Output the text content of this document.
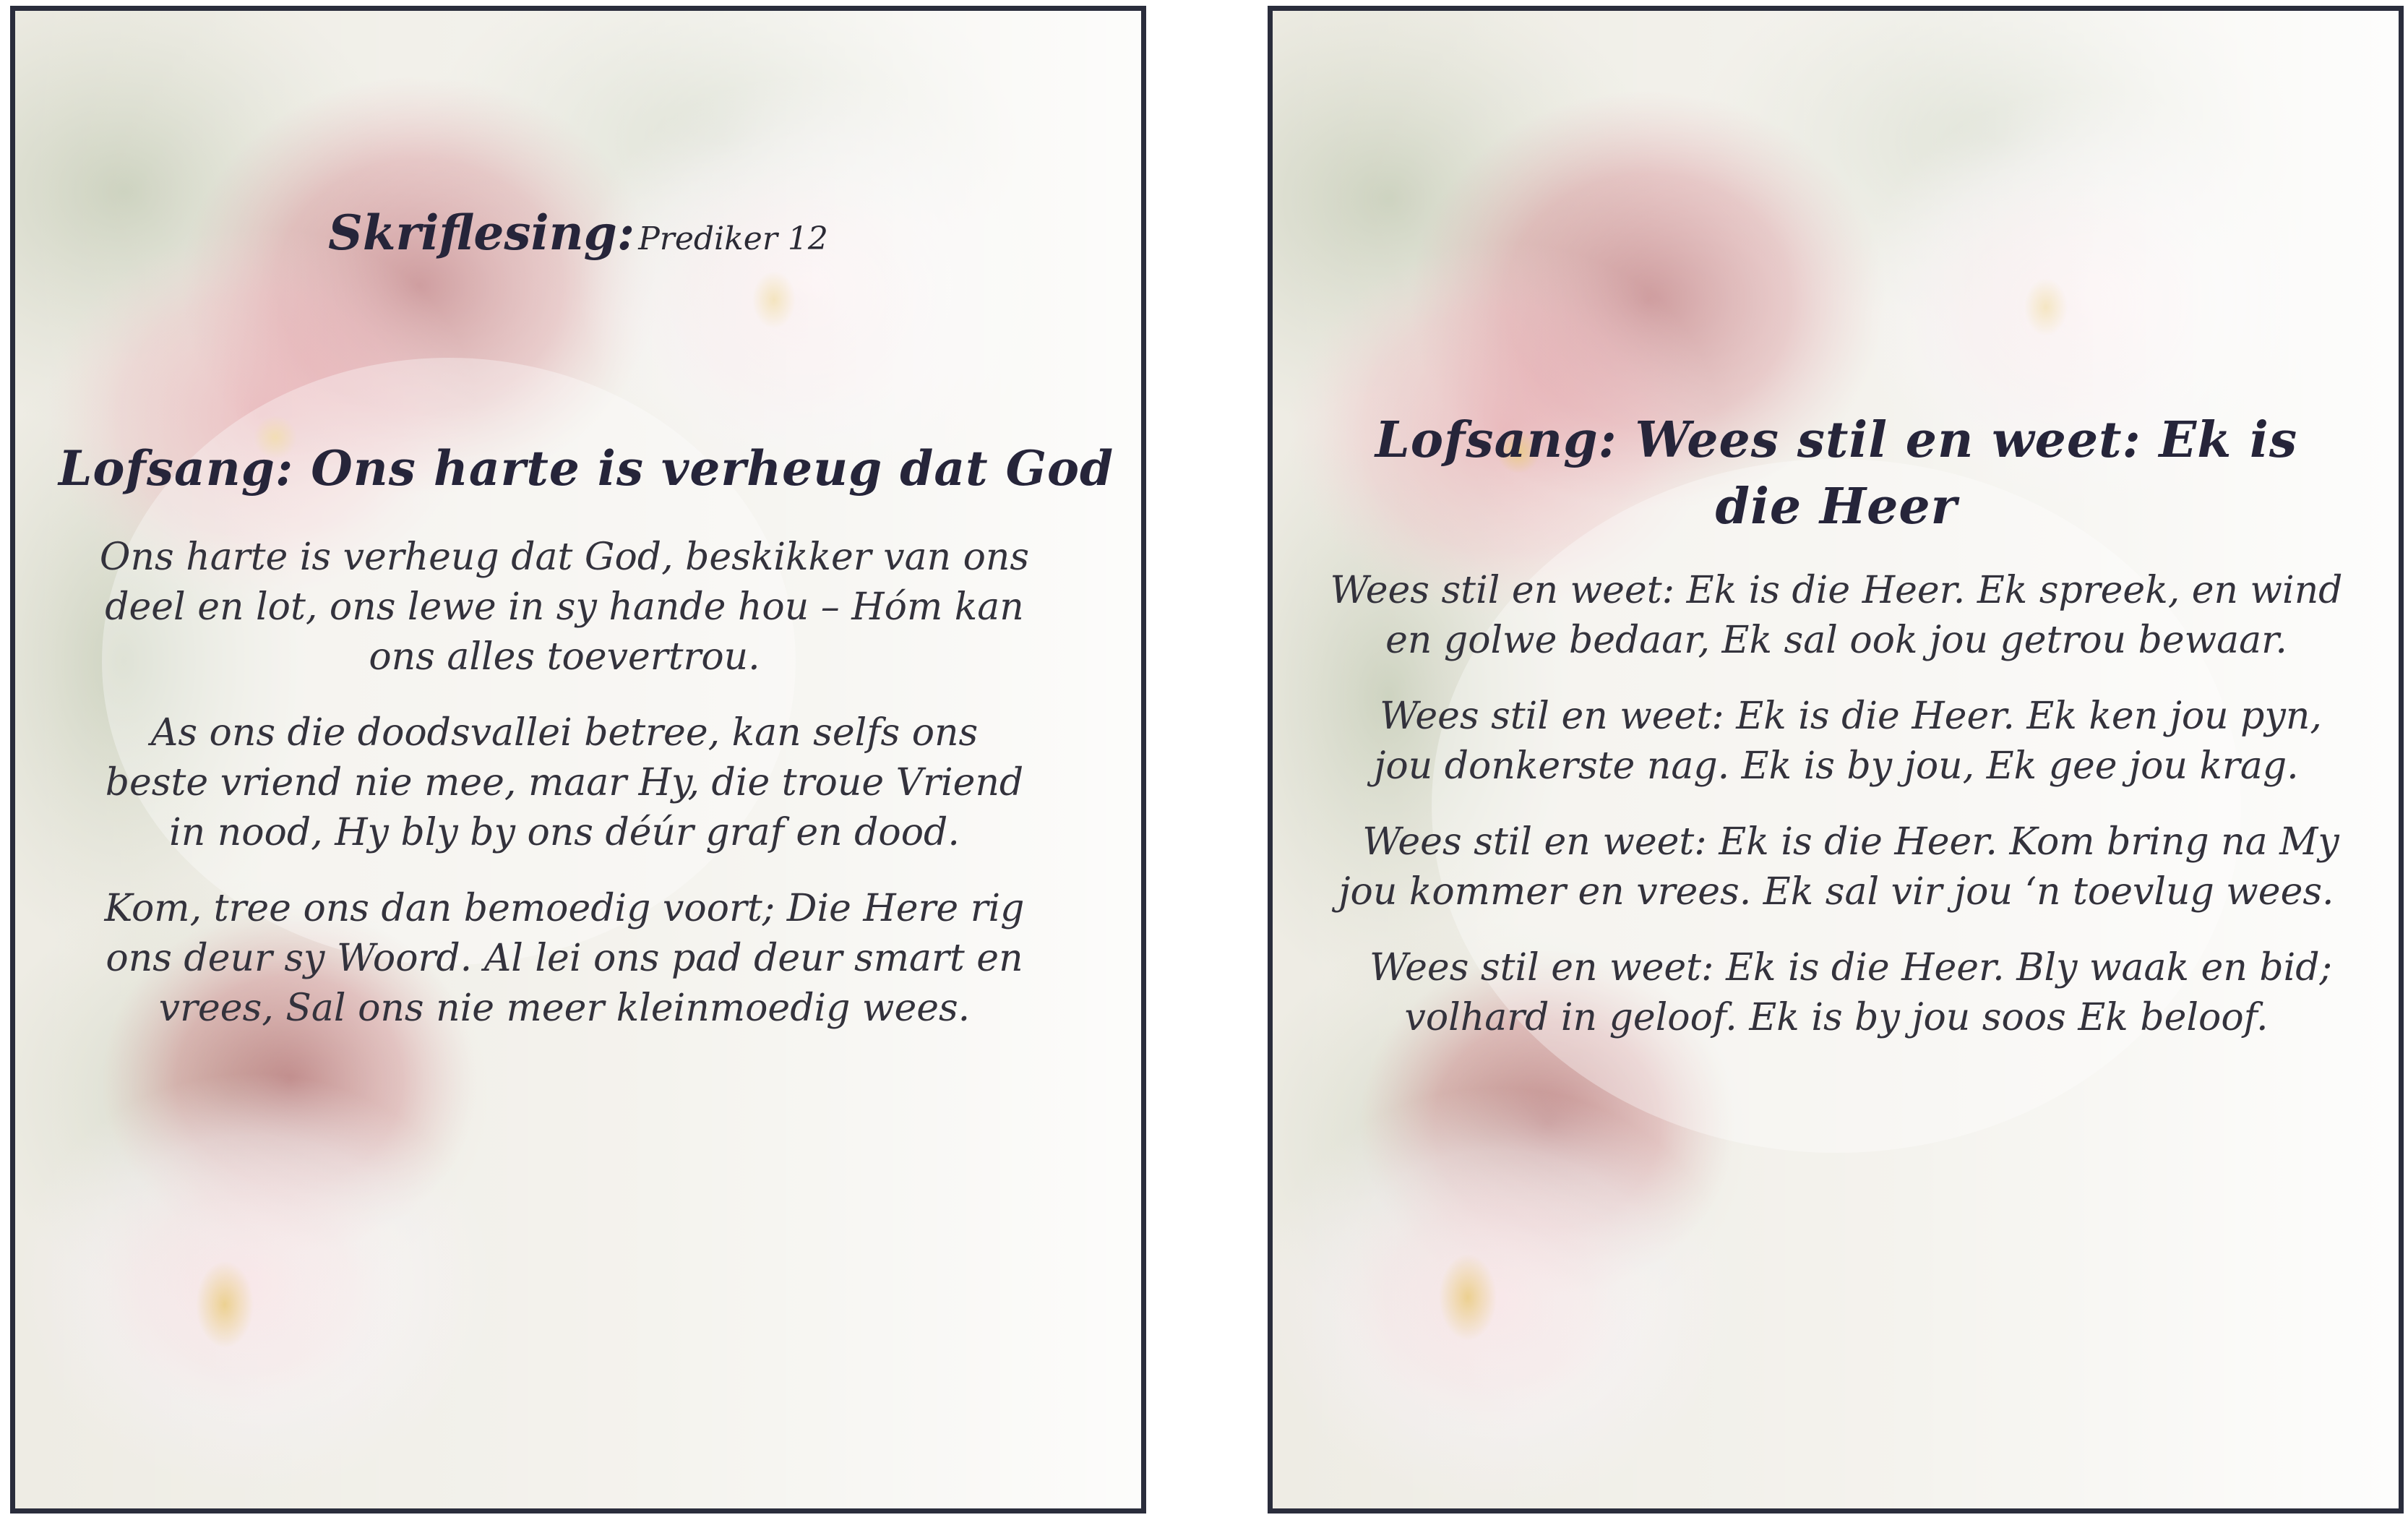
Skriflesing: Prediker 12
Lofsang: Ons harte is verheug dat God

Ons harte is verheug dat God, beskikker van ons deel en lot, ons lewe in sy hande hou – Hóm kan ons alles toevertrou.

As ons die doodsvallei betree, kan selfs ons beste vriend nie mee, maar Hy, die troue Vriend in nood, Hy bly by ons déúr graf en dood.

Kom, tree ons dan bemoedig voort; Die Here rig ons deur sy Woord. Al lei ons pad deur smart en vrees, Sal ons nie meer kleinmoedig wees.

Lofsang: Wees stil en weet: Ek is die Heer

Wees stil en weet: Ek is die Heer. Ek spreek, en wind en golwe bedaar, Ek sal ook jou getrou bewaar.

Wees stil en weet: Ek is die Heer. Ek ken jou pyn, jou donkerste nag. Ek is by jou, Ek gee jou krag.

Wees stil en weet: Ek is die Heer. Kom bring na My jou kommer en vrees. Ek sal vir jou ‘n toevlug wees.

Wees stil en weet: Ek is die Heer. Bly waak en bid; volhard in geloof. Ek is by jou soos Ek beloof.
